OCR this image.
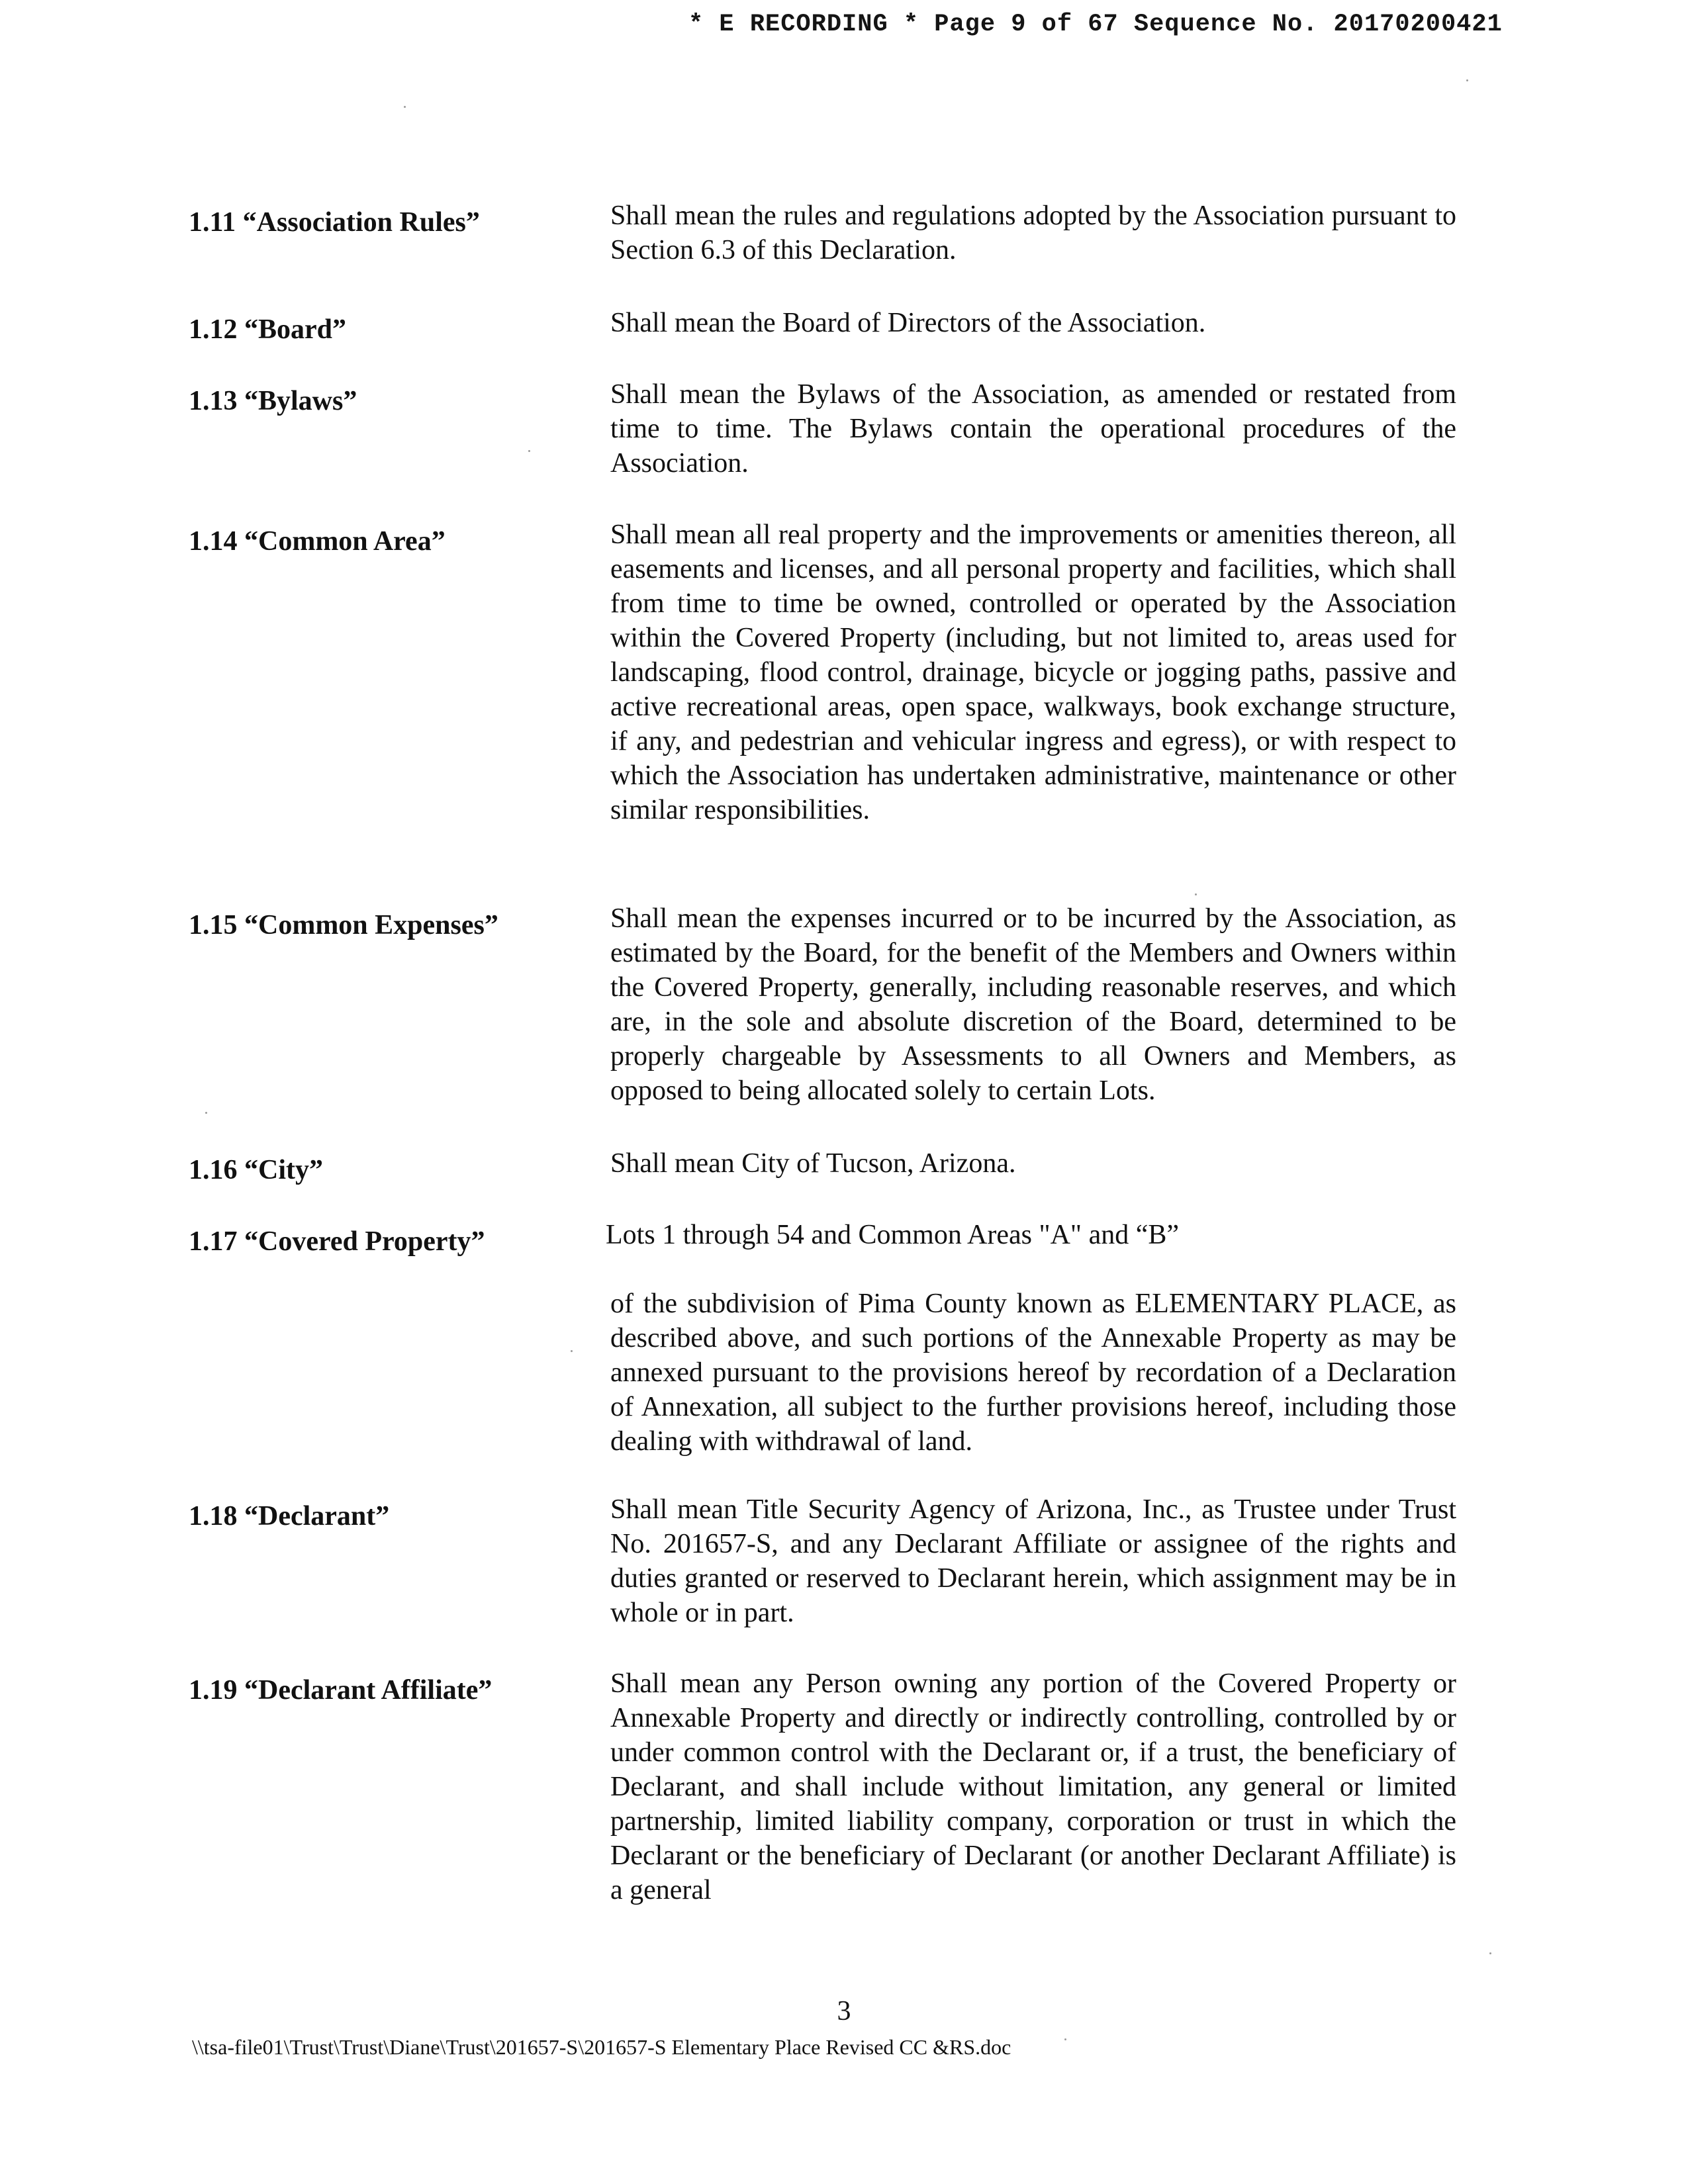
* E RECORDING * Page 9 of 67 Sequence No. 20170200421
1.11 “Association Rules”	Shall mean the rules and regulations adopted by the Association pursuant to Section 6.3 of this Declaration.
1.12 “Board”	Shall mean the Board of Directors of the Association.
1.13 “Bylaws”	Shall mean the Bylaws of the Association, as amended or restated from time to time. The Bylaws contain the operational procedures of the Association.
1.14 “Common Area”	Shall mean all real property and the improvements or amenities thereon, all easements and licenses, and all personal property and facilities, which shall from time to time be owned, controlled or operated by the Association within the Covered Property (including, but not limited to, areas used for landscaping, flood control, drainage, bicycle or jogging paths, passive and active recreational areas, open space, walkways, book exchange structure, if any, and pedestrian and vehicular ingress and egress), or with respect to which the Association has undertaken administrative, maintenance or other similar responsibilities.
1.15 “Common Expenses”	Shall mean the expenses incurred or to be incurred by the Association, as estimated by the Board, for the benefit of the Members and Owners within the Covered Property, generally, including reasonable reserves, and which are, in the sole and absolute discretion of the Board, determined to be properly chargeable by Assessments to all Owners and Members, as opposed to being allocated solely to certain Lots.
1.16 “City”	Shall mean City of Tucson, Arizona.
1.17 “Covered Property”	Lots 1 through 54 and Common Areas "A" and “B”
of the subdivision of Pima County known as ELEMENTARY PLACE, as described above, and such portions of the Annexable Property as may be annexed pursuant to the provisions hereof by recordation of a Declaration of Annexation, all subject to the further provisions hereof, including those dealing with withdrawal of land.
1.18 “Declarant”	Shall mean Title Security Agency of Arizona, Inc., as Trustee under Trust No. 201657-S, and any Declarant Affiliate or assignee of the rights and duties granted or reserved to Declarant herein, which assignment may be in whole or in part.
1.19 “Declarant Affiliate”	Shall mean any Person owning any portion of the Covered Property or Annexable Property and directly or indirectly controlling, controlled by or under common control with the Declarant or, if a trust, the beneficiary of Declarant, and shall include without limitation, any general or limited partnership, limited liability company, corporation or trust in which the Declarant or the beneficiary of Declarant (or another Declarant Affiliate) is a general
3
\\tsa-file01\Trust\Trust\Diane\Trust\201657-S\201657-S Elementary Place Revised CC &RS.doc
